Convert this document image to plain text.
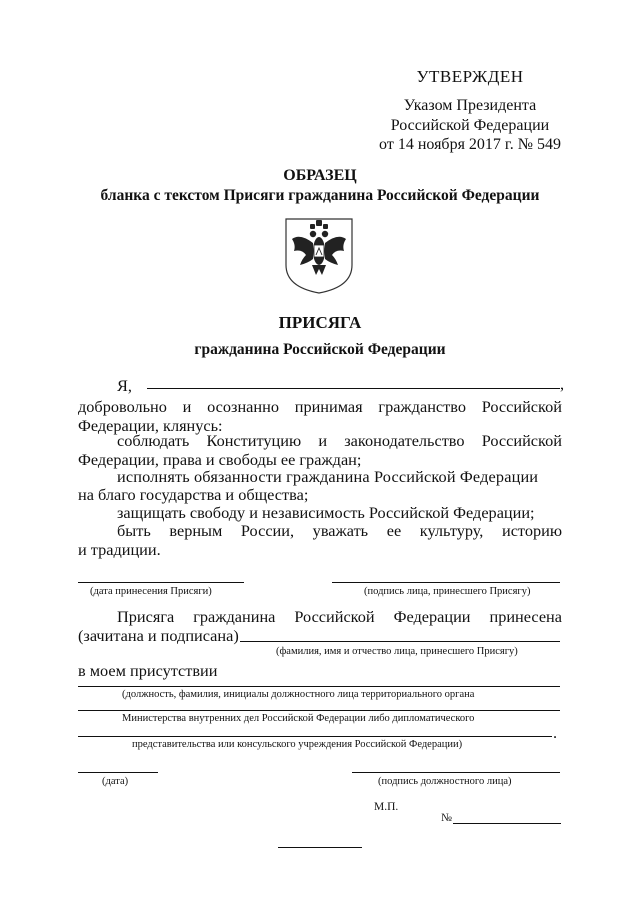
УТВЕРЖДЕН
Указом Президента
Российской Федерации
от 14 ноября 2017 г. № 549
ОБРАЗЕЦ
бланка с текстом Присяги гражданина Российской Федерации
ПРИСЯГА
гражданина Российской Федерации
Я,	,
добровольно и осознанно принимая гражданство Российской
Федерации, клянусь:
соблюдать Конституцию и законодательство Российской
Федерации, права и свободы ее граждан;
исполнять обязанности гражданина Российской Федерации
на благо государства и общества;
защищать свободу и независимость Российской Федерации;
быть верным России, уважать ее культуру, историю
и традиции.
(дата принесения Присяги)	(подпись лица, принесшего Присягу)
Присяга гражданина Российской Федерации принесена
(зачитана и подписана)
(фамилия, имя и отчество лица, принесшего Присягу)
в моем присутствии
(должность, фамилия, инициалы должностного лица территориального органа
Министерства внутренних дел Российской Федерации либо дипломатического
.
представительства или консульского учреждения Российской Федерации)
(дата)	(подпись должностного лица)
М.П.
№
